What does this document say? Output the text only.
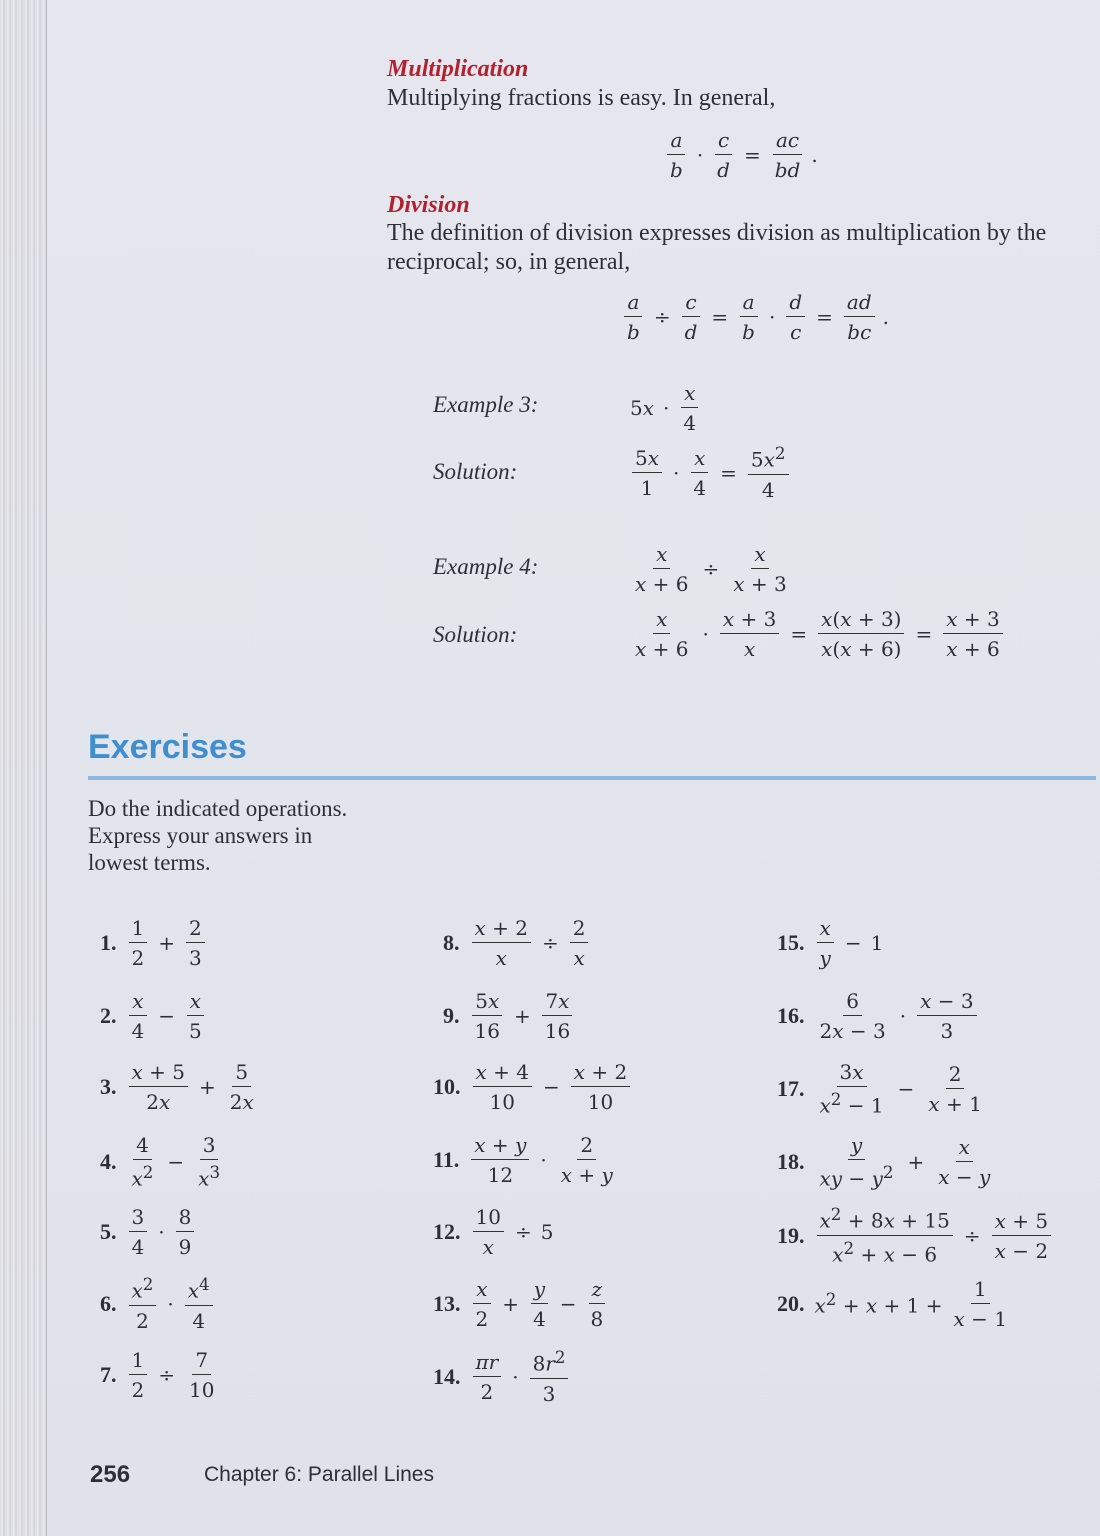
Multiplication
Multiplying fractions is easy. In general,
$\frac{a}{b} \cdot \frac{c}{d} = \frac{ac}{bd}$ .
Division
The definition of division expresses division as multiplication by the
reciprocal; so, in general,
$\frac{a}{b} \div \frac{c}{d} = \frac{a}{b} \cdot \frac{d}{c} = \frac{ad}{bc}$ .
Example 3:	$5x \cdot \frac{x}{4}$
Solution:	$\frac{5x}{1} \cdot \frac{x}{4} = \frac{5x^2}{4}$
Example 4:	$\frac{x}{x + 6} \div \frac{x}{x + 3}$
Solution:	$\frac{x}{x + 6} \cdot \frac{x + 3}{x} = \frac{x(x + 3)}{x(x + 6)} = \frac{x + 3}{x + 6}$
Exercises
Do the indicated operations.
Express your answers in
lowest terms.
1. $\frac{1}{2} + \frac{2}{3}$
2. $\frac{x}{4} - \frac{x}{5}$
3. $\frac{x + 5}{2x} + \frac{5}{2x}$
4. $\frac{4}{x^2} - \frac{3}{x^3}$
5. $\frac{3}{4} \cdot \frac{8}{9}$
6. $\frac{x^2}{2} \cdot \frac{x^4}{4}$
7. $\frac{1}{2} \div \frac{7}{10}$
8. $\frac{x + 2}{x} \div \frac{2}{x}$
9. $\frac{5x}{16} + \frac{7x}{16}$
10. $\frac{x + 4}{10} - \frac{x + 2}{10}$
11. $\frac{x + y}{12} \cdot \frac{2}{x + y}$
12. $\frac{10}{x} \div 5$
13. $\frac{x}{2} + \frac{y}{4} - \frac{z}{8}$
14. $\frac{\pi r}{2} \cdot \frac{8r^2}{3}$
15. $\frac{x}{y} - 1$
16. $\frac{6}{2x - 3} \cdot \frac{x - 3}{3}$
17. $\frac{3x}{x^2 - 1} - \frac{2}{x + 1}$
18. $\frac{y}{xy - y^2} + \frac{x}{x - y}$
19. $\frac{x^2 + 8x + 15}{x^2 + x - 6} \div \frac{x + 5}{x - 2}$
20. $x^2 + x + 1 + \frac{1}{x - 1}$
256	Chapter 6: Parallel Lines
